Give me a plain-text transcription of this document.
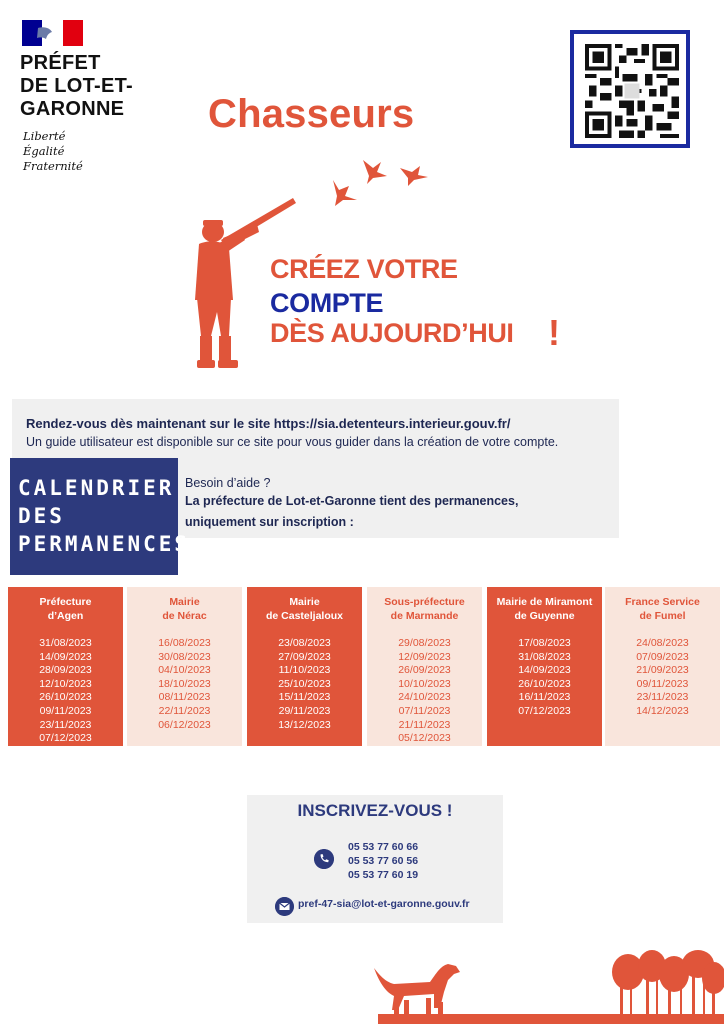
PRÉFET
DE LOT-ET-
GARONNE
Liberté
Égalité
Fraternité
Chasseurs
CRÉEZ VOTRE
COMPTE
DÈS AUJOURD’HUI !
Rendez-vous dès maintenant sur le site https://sia.detenteurs.interieur.gouv.fr/
Un guide utilisateur est disponible sur ce site pour vous guider dans la création de votre compte.
Besoin d’aide ?
La préfecture de Lot-et-Garonne tient des permanences,
uniquement sur inscription :
CALENDRIER
DES
PERMANENCES
Préfecture
d’Agen
31/08/2023
14/09/2023
28/09/2023
12/10/2023
26/10/2023
09/11/2023
23/11/2023
07/12/2023
Mairie
de Nérac
16/08/2023
30/08/2023
04/10/2023
18/10/2023
08/11/2023
22/11/2023
06/12/2023
Mairie
de Casteljaloux
23/08/2023
27/09/2023
11/10/2023
25/10/2023
15/11/2023
29/11/2023
13/12/2023
Sous-préfecture
de Marmande
29/08/2023
12/09/2023
26/09/2023
10/10/2023
24/10/2023
07/11/2023
21/11/2023
05/12/2023
Mairie de Miramont
de Guyenne
17/08/2023
31/08/2023
14/09/2023
26/10/2023
16/11/2023
07/12/2023
France Service
de Fumel
24/08/2023
07/09/2023
21/09/2023
09/11/2023
23/11/2023
14/12/2023
INSCRIVEZ-VOUS !
05 53 77 60 66
05 53 77 60 56
05 53 77 60 19
pref-47-sia@lot-et-garonne.gouv.fr
